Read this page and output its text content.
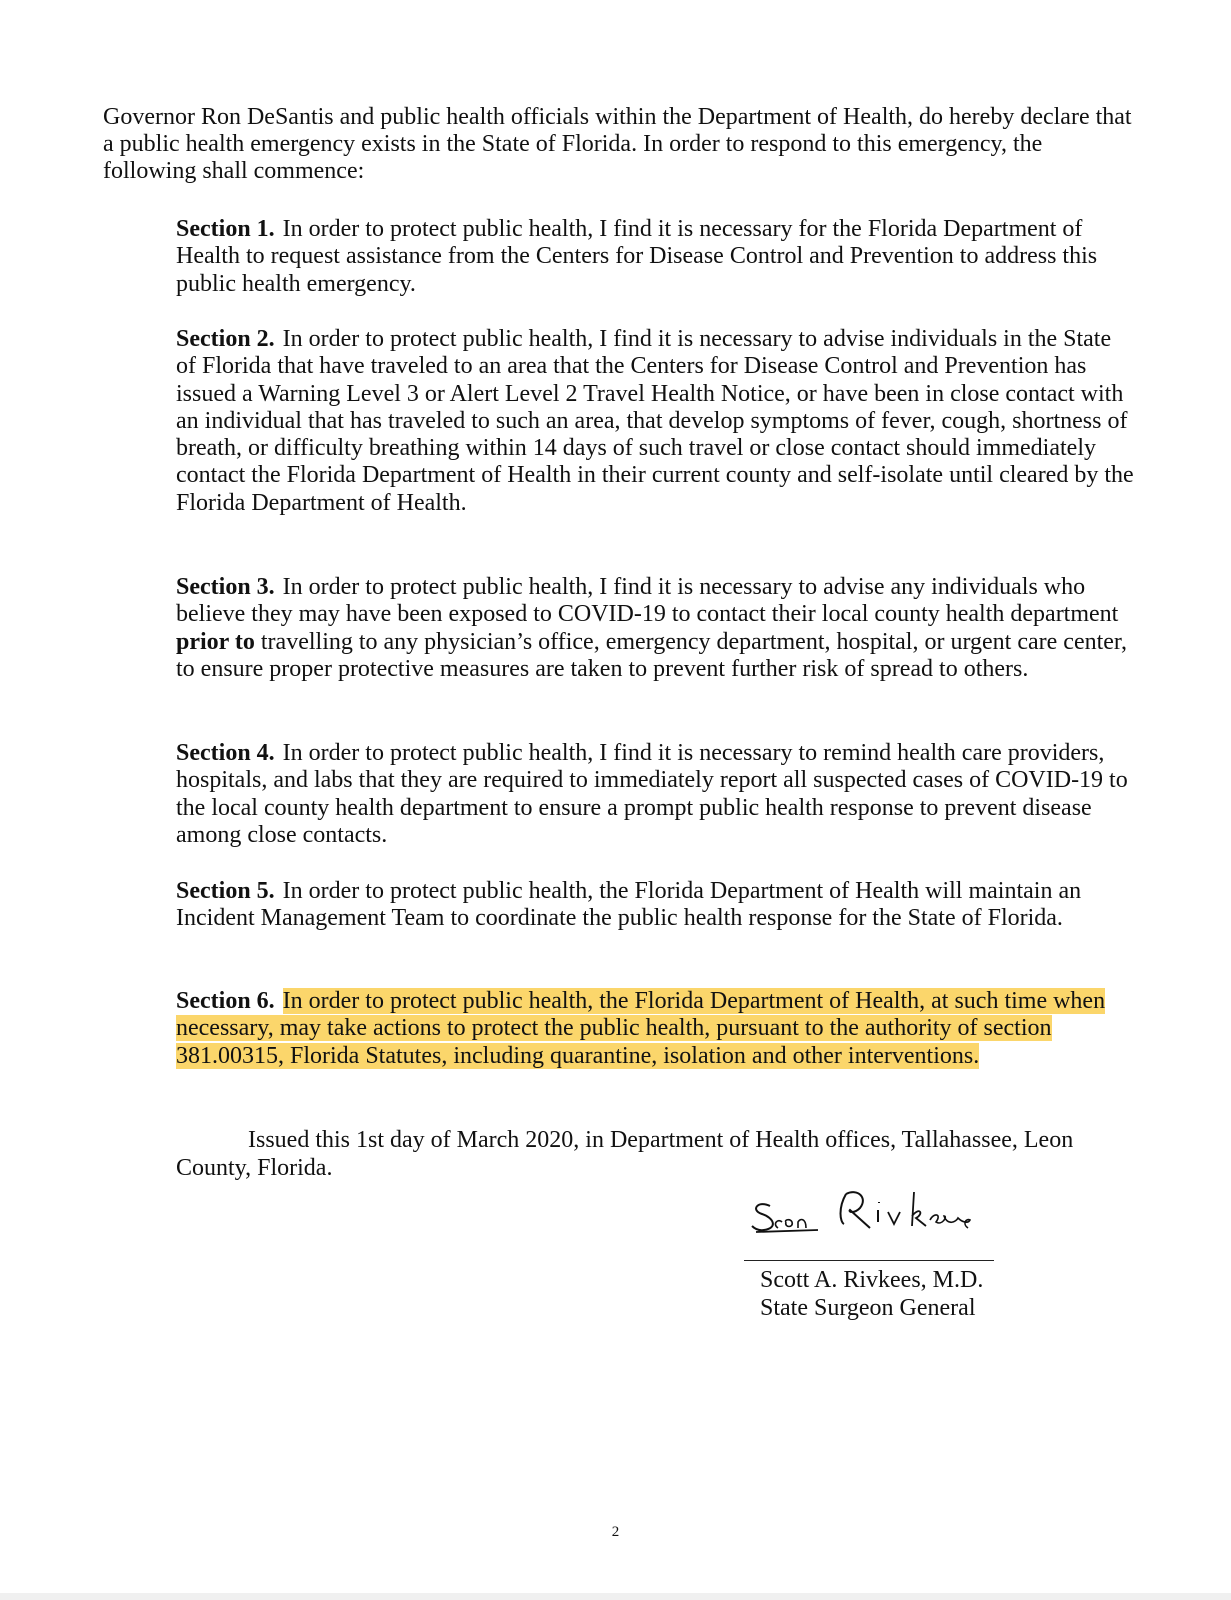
Governor Ron DeSantis and public health officials within the Department of Health, do hereby declare that a public health emergency exists in the State of Florida. In order to respond to this emergency, the following shall commence:

Section 1. In order to protect public health, I find it is necessary for the Florida Department of Health to request assistance from the Centers for Disease Control and Prevention to address this public health emergency.

Section 2. In order to protect public health, I find it is necessary to advise individuals in the State of Florida that have traveled to an area that the Centers for Disease Control and Prevention has issued a Warning Level 3 or Alert Level 2 Travel Health Notice, or have been in close contact with an individual that has traveled to such an area, that develop symptoms of fever, cough, shortness of breath, or difficulty breathing within 14 days of such travel or close contact should immediately contact the Florida Department of Health in their current county and self-isolate until cleared by the Florida Department of Health.

Section 3. In order to protect public health, I find it is necessary to advise any individuals who believe they may have been exposed to COVID-19 to contact their local county health department prior to travelling to any physician’s office, emergency department, hospital, or urgent care center, to ensure proper protective measures are taken to prevent further risk of spread to others.

Section 4. In order to protect public health, I find it is necessary to remind health care providers, hospitals, and labs that they are required to immediately report all suspected cases of COVID-19 to the local county health department to ensure a prompt public health response to prevent disease among close contacts.

Section 5. In order to protect public health, the Florida Department of Health will maintain an Incident Management Team to coordinate the public health response for the State of Florida.

Section 6. In order to protect public health, the Florida Department of Health, at such time when necessary, may take actions to protect the public health, pursuant to the authority of section 381.00315, Florida Statutes, including quarantine, isolation and other interventions.

Issued this 1st day of March 2020, in Department of Health offices, Tallahassee, Leon County, Florida.

Scott A. Rivkees, M.D.
State Surgeon General

2
